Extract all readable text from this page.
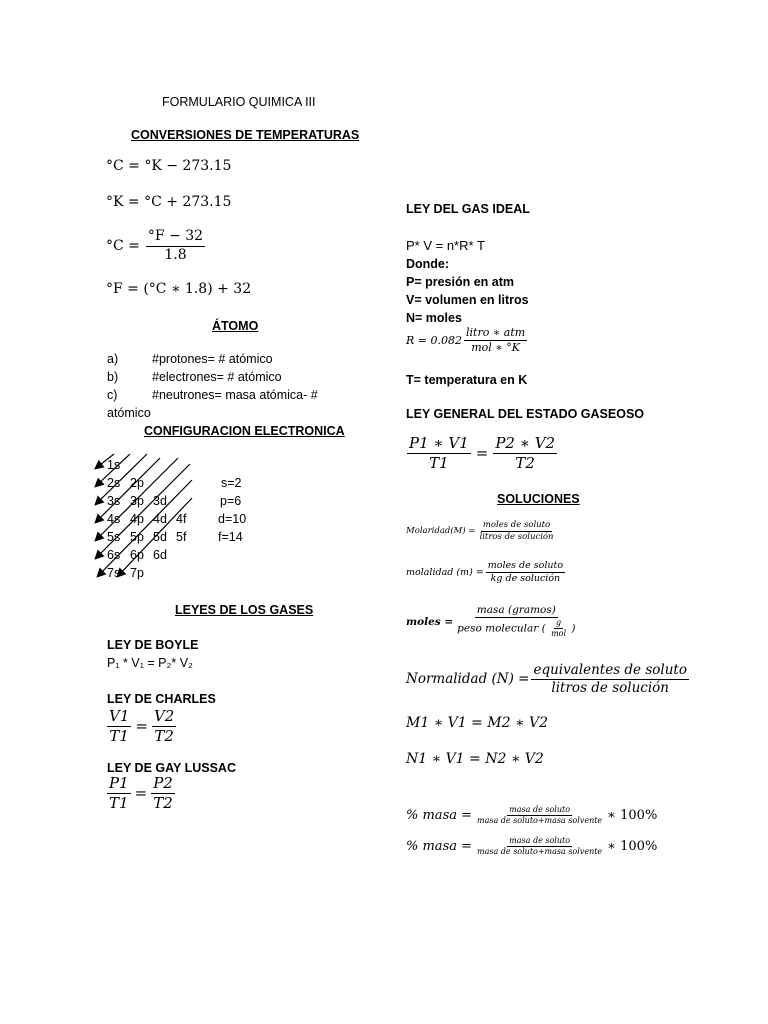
FORMULARIO QUIMICA III
CONVERSIONES DE TEMPERATURAS
°C = °K − 273.15
°K = °C + 273.15
$^\circ C = \frac{^\circ F - 32}{1.8}$
°F = (°C ∗ 1.8) + 32
ÁTOMO
a)	#protones= # atómico
b)	#electrones= # atómico
c)	#neutrones= masa atómica- #
atómico
CONFIGURACION ELECTRONICA
1s
2s 2p
3s 3p 3d
4s 4p 4d 4f
5s 5p 5d 5f
6s 6p 6d
7s 7p
s=2
p=6
d=10
f=14
LEYES DE LOS GASES
LEY DE BOYLE
P₁ * V₁ = P₂* V₂
LEY DE CHARLES
$\frac{V1}{T1} = \frac{V2}{T2}$
LEY DE GAY LUSSAC
$\frac{P1}{T1} = \frac{P2}{T2}$
LEY DEL GAS IDEAL
P* V = n*R* T
Donde:
P= presión en atm
V= volumen en litros
N= moles
$R = 0.082 \frac{\text{litro ∗ atm}}{\text{mol ∗ °K}}$
T= temperatura en K
LEY GENERAL DEL ESTADO GASEOSO
$\frac{P1 ∗ V1}{T1} = \frac{P2 ∗ V2}{T2}$
SOLUCIONES
Molaridad(M) = $\frac{\text{moles de soluto}}{\text{litros de solución}}$
molalidad $(m) = \frac{\text{moles de soluto}}{\text{kg de solución}}$
moles = $\frac{\text{masa (gramos)}}{peso molecular ( \frac{g}{\text{mol}} )}$
Normalidad $(N) = \frac{\text{equivalentes de soluto}}{\text{litros de solución}}$
M1 ∗ V1 = M2 ∗ V2
N1 ∗ V1 = N2 ∗ V2
% masa = $\frac{\text{masa de soluto}}{\text{masa de soluto+masa solvente}}$ ∗ 100%
% masa = $\frac{\text{masa de soluto}}{\text{masa de soluto+masa solvente}}$ ∗ 100%
